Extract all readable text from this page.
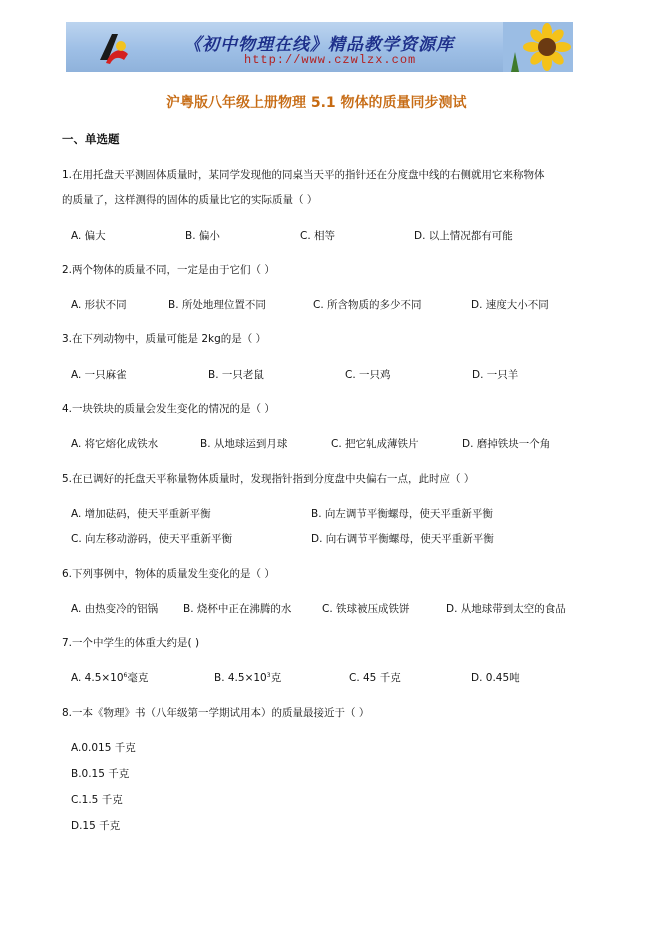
《初中物理在线》精品教学资源库
http://www.czwlzx.com
沪粤版八年级上册物理 5.1 物体的质量同步测试
一、单选题
1.在用托盘天平测固体质量时，某同学发现他的同桌当天平的指针还在分度盘中线的右侧就用它来称物体
的质量了，这样测得的固体的质量比它的实际质量（ ）
A. 偏大	B. 偏小	C. 相等	D. 以上情况都有可能
2.两个物体的质量不同，一定是由于它们（ ）
A. 形状不同	B. 所处地理位置不同	C. 所含物质的多少不同	D. 速度大小不同
3.在下列动物中，质量可能是 2kg的是（ ）
A. 一只麻雀	B. 一只老鼠	C. 一只鸡	D. 一只羊
4.一块铁块的质量会发生变化的情况的是（ ）
A. 将它熔化成铁水	B. 从地球运到月球	C. 把它轧成薄铁片	D. 磨掉铁块一个角
5.在已调好的托盘天平称量物体质量时，发现指针指到分度盘中央偏右一点，此时应（ ）
A. 增加砝码，使天平重新平衡	B. 向左调节平衡螺母，使天平重新平衡
C. 向左移动游码，使天平重新平衡	D. 向右调节平衡螺母，使天平重新平衡
6.下列事例中，物体的质量发生变化的是（ ）
A. 由热变冷的铝锅 B. 烧杯中正在沸腾的水	C. 铁球被压成铁饼	D. 从地球带到太空的食品
7.一个中学生的体重大约是( )
A. $4.5\times 10^6$毫克	B. $4.5\times 10^3$克	C. 45 千克	D. 0.45吨
8.一本《物理》书（八年级第一学期试用本）的质量最接近于（ ）
A.0.015 千克
B.0.15 千克
C.1.5 千克
D.15 千克
